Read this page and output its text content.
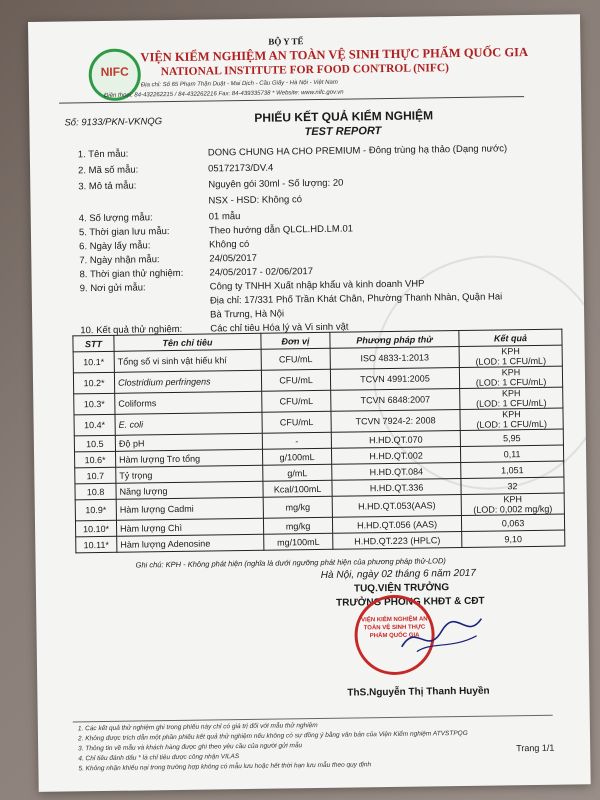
NIFC
BỘ Y TẾ
VIỆN KIỂM NGHIỆM AN TOÀN VỆ SINH THỰC PHẨM QUỐC GIA
NATIONAL INSTITUTE FOR FOOD CONTROL (NIFC)
Địa chỉ: Số 65 Phạm Thận Duật - Mai Dịch - Cầu Giấy - Hà Nội - Việt Nam
Điện thoại: 84-432262215 / 84-432262216 Fax: 84-439335738 * Website: www.nifc.gov.vn
Số: 9133/PKN-VKNQG	PHIẾU KẾT QUẢ KIỂM NGHIỆM
TEST REPORT
1. Tên mẫu:	DONG CHUNG HA CHO PREMIUM - Đông trùng hạ thảo (Dạng nước)
2. Mã số mẫu:	05172173/DV.4
3. Mô tả mẫu:	Nguyên gói 30ml - Số lượng: 20
NSX - HSD: Không có
4. Số lượng mẫu:	01 mẫu
5. Thời gian lưu mẫu:	Theo hướng dẫn QLCL.HD.LM.01
6. Ngày lấy mẫu:	Không có
7. Ngày nhận mẫu:	24/05/2017
8. Thời gian thử nghiệm:	24/05/2017 - 02/06/2017
9. Nơi gửi mẫu:	Công ty TNHH Xuất nhập khẩu và kinh doanh VHP
Địa chỉ: 17/331 Phố Trần Khát Chân, Phường Thanh Nhàn, Quận Hai
Bà Trưng, Hà Nội
10. Kết quả thử nghiệm:	Các chỉ tiêu Hóa lý và Vi sinh vật
STT	Tên chỉ tiêu	Đơn vị	Phương pháp thử	Kết quả
10.1*	Tổng số vi sinh vật hiếu khí	CFU/mL	ISO 4833-1:2013	KPH
(LOD: 1 CFU/mL)
10.2*	Clostridium perfringens	CFU/mL	TCVN 4991:2005	KPH
(LOD: 1 CFU/mL)
10.3*	Coliforms	CFU/mL	TCVN 6848:2007	KPH
(LOD: 1 CFU/mL)
10.4*	E. coli	CFU/mL	TCVN 7924-2: 2008	KPH
(LOD: 1 CFU/mL)
10.5	Độ pH	-	H.HD.QT.070	5,95
10.6*	Hàm lượng Tro tổng	g/100mL	H.HD.QT.002	0,11
10.7	Tỷ trọng	g/mL	H.HD.QT.084	1,051
10.8	Năng lượng	Kcal/100mL	H.HD.QT.336	32
10.9*	Hàm lượng Cadmi	mg/kg	H.HD.QT.053(AAS)	KPH
(LOD: 0,002 mg/kg)
10.10*	Hàm lượng Chì	mg/kg	H.HD.QT.056 (AAS)	0,063
10.11*	Hàm lượng Adenosine	mg/100mL	H.HD.QT.223 (HPLC)	9,10
Ghi chú: KPH - Không phát hiện (nghĩa là dưới ngưỡng phát hiện của phương pháp thử-LOD)
Hà Nội, ngày 02 tháng 6 năm 2017
TUQ.VIỆN TRƯỞNG
TRƯỞNG PHÒNG KHĐT & CĐT
VIỆN KIỂM NGHIỆM AN TOÀN VỆ SINH THỰC PHẨM QUỐC GIA
ThS.Nguyễn Thị Thanh Huyền
1. Các kết quả thử nghiệm ghi trong phiếu này chỉ có giá trị đối với mẫu thử nghiệm
2. Không được trích dẫn một phần phiếu kết quả thử nghiệm nếu không có sự đồng ý bằng văn bản của Viện Kiểm nghiệm ATVSTPQG
3. Thông tin về mẫu và khách hàng được ghi theo yêu cầu của người gửi mẫu
4. Chỉ tiêu đánh dấu * là chỉ tiêu được công nhận VILAS
5. Không nhận khiếu nại trong trường hợp không có mẫu lưu hoặc hết thời hạn lưu mẫu theo quy định
Trang 1/1
